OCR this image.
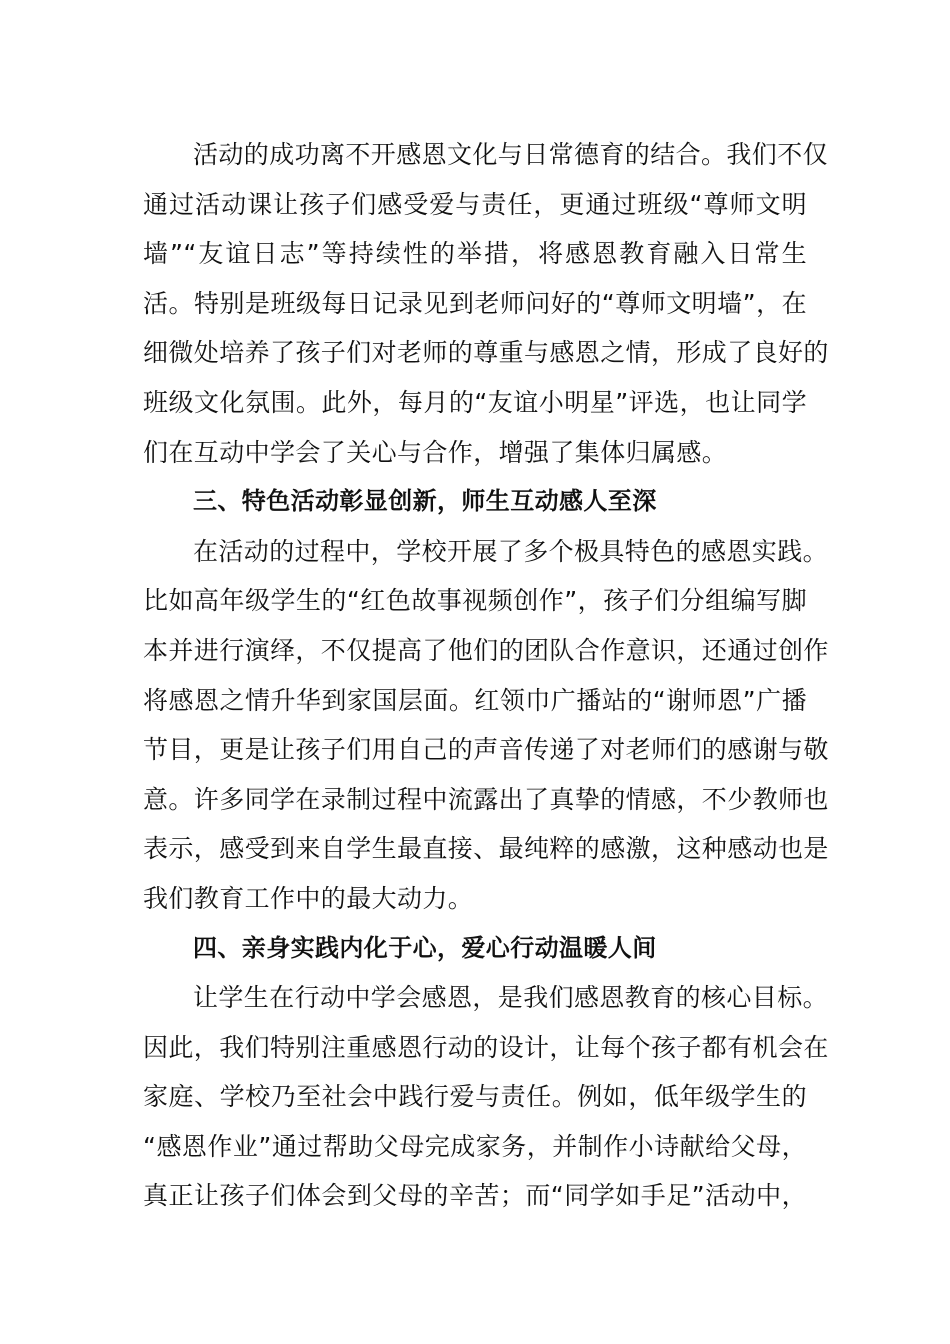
活动的成功离不开感恩文化与日常德育的结合。我们不仅
通过活动课让孩子们感受爱与责任，更通过班级“尊师文明
墙”“友谊日志”等持续性的举措，将感恩教育融入日常生
活。特别是班级每日记录见到老师问好的“尊师文明墙”，在
细微处培养了孩子们对老师的尊重与感恩之情，形成了良好的
班级文化氛围。此外，每月的“友谊小明星”评选，也让同学
们在互动中学会了关心与合作，增强了集体归属感。
三、特色活动彰显创新，师生互动感人至深
在活动的过程中，学校开展了多个极具特色的感恩实践。
比如高年级学生的“红色故事视频创作”，孩子们分组编写脚
本并进行演绎，不仅提高了他们的团队合作意识，还通过创作
将感恩之情升华到家国层面。红领巾广播站的“谢师恩”广播
节目，更是让孩子们用自己的声音传递了对老师们的感谢与敬
意。许多同学在录制过程中流露出了真挚的情感，不少教师也
表示，感受到来自学生最直接、最纯粹的感激，这种感动也是
我们教育工作中的最大动力。
四、亲身实践内化于心，爱心行动温暖人间
让学生在行动中学会感恩，是我们感恩教育的核心目标。
因此，我们特别注重感恩行动的设计，让每个孩子都有机会在
家庭、学校乃至社会中践行爱与责任。例如，低年级学生的
“感恩作业”通过帮助父母完成家务，并制作小诗献给父母，
真正让孩子们体会到父母的辛苦；而“同学如手足”活动中，
